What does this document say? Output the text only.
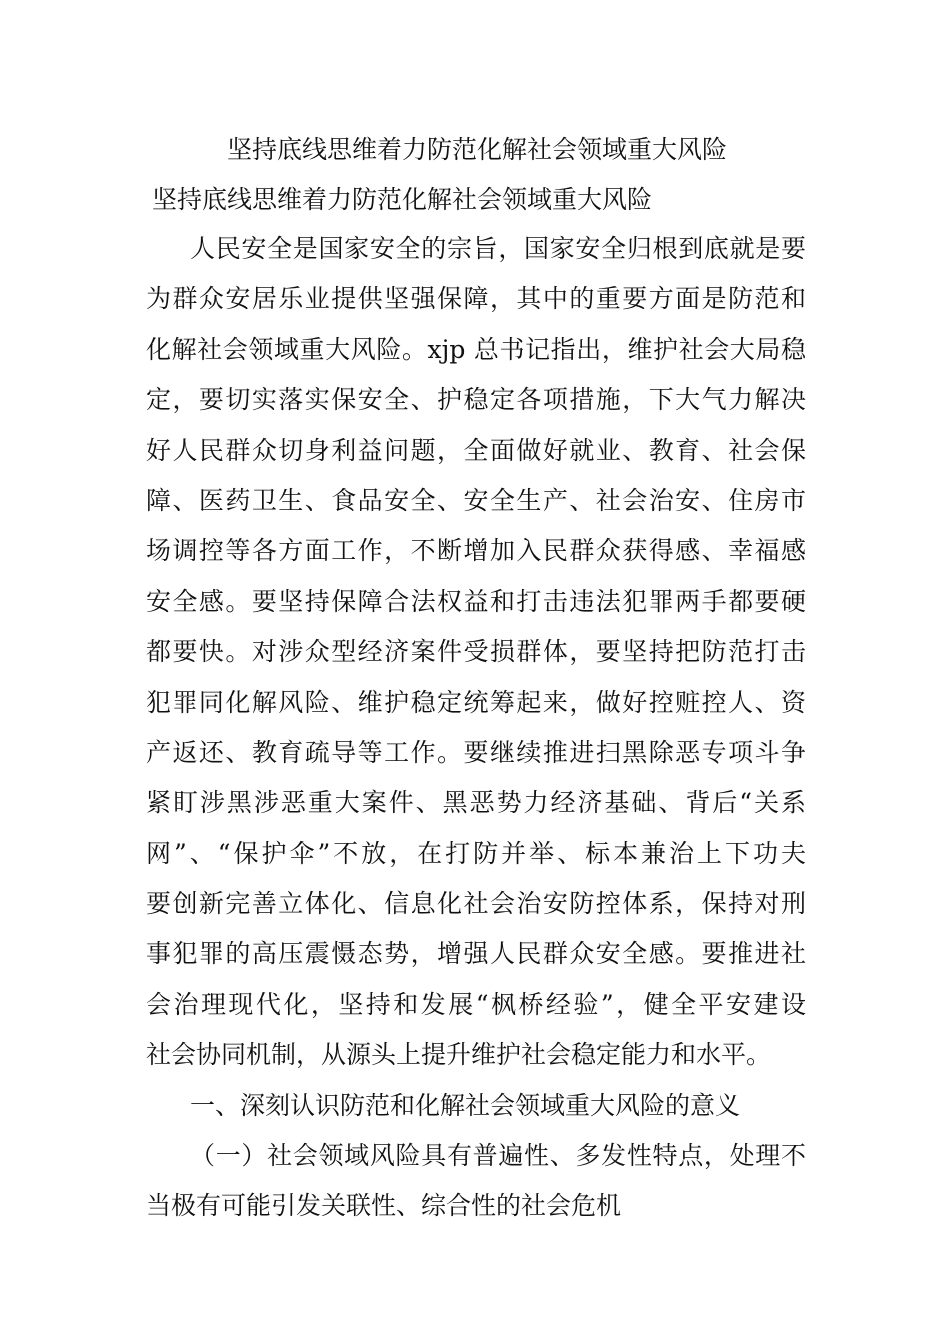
坚持底线思维着力防范化解社会领域重大风险
坚持底线思维着力防范化解社会领域重大风险
人民安全是国家安全的宗旨，国家安全归根到底就是要
为群众安居乐业提供坚强保障，其中的重要方面是防范和
化解社会领域重大风险。xjp 总书记指出，维护社会大局稳
定，要切实落实保安全、护稳定各项措施，下大气力解决
好人民群众切身利益问题，全面做好就业、教育、社会保
障、医药卫生、食品安全、安全生产、社会治安、住房市
场调控等各方面工作，不断增加入民群众获得感、幸福感
安全感。要坚持保障合法权益和打击违法犯罪两手都要硬
都要快。对涉众型经济案件受损群体，要坚持把防范打击
犯罪同化解风险、维护稳定统筹起来，做好控赃控人、资
产返还、教育疏导等工作。要继续推进扫黑除恶专项斗争
紧盯涉黑涉恶重大案件、黑恶势力经济基础、背后“关系
网”、“保护伞”不放，在打防并举、标本兼治上下功夫
要创新完善立体化、信息化社会治安防控体系，保持对刑
事犯罪的高压震慑态势，增强人民群众安全感。要推进社
会治理现代化，坚持和发展“枫桥经验”，健全平安建设
社会协同机制，从源头上提升维护社会稳定能力和水平。
一、深刻认识防范和化解社会领域重大风险的意义
（一）社会领域风险具有普遍性、多发性特点，处理不
当极有可能引发关联性、综合性的社会危机
